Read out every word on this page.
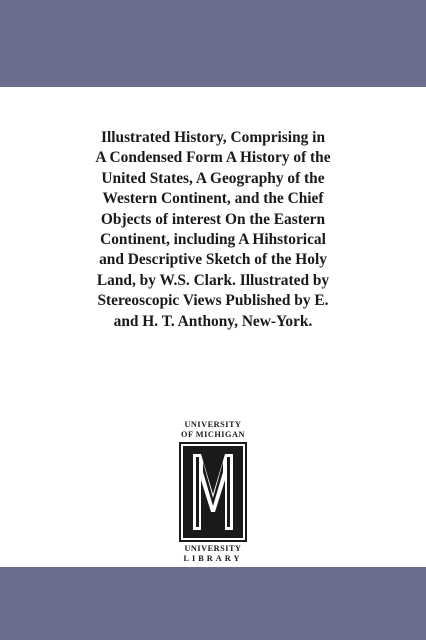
Illustrated History, Comprising in
A Condensed Form A History of the
United States, A Geography of the
Western Continent, and the Chief
Objects of interest On the Eastern
Continent, including A Hihstorical
and Descriptive Sketch of the Holy
Land, by W.S. Clark. Illustrated by
Stereoscopic Views Published by E.
and H. T. Anthony, New-York.

UNIVERSITY
OF MICHIGAN
UNIVERSITY
LIBRARY
